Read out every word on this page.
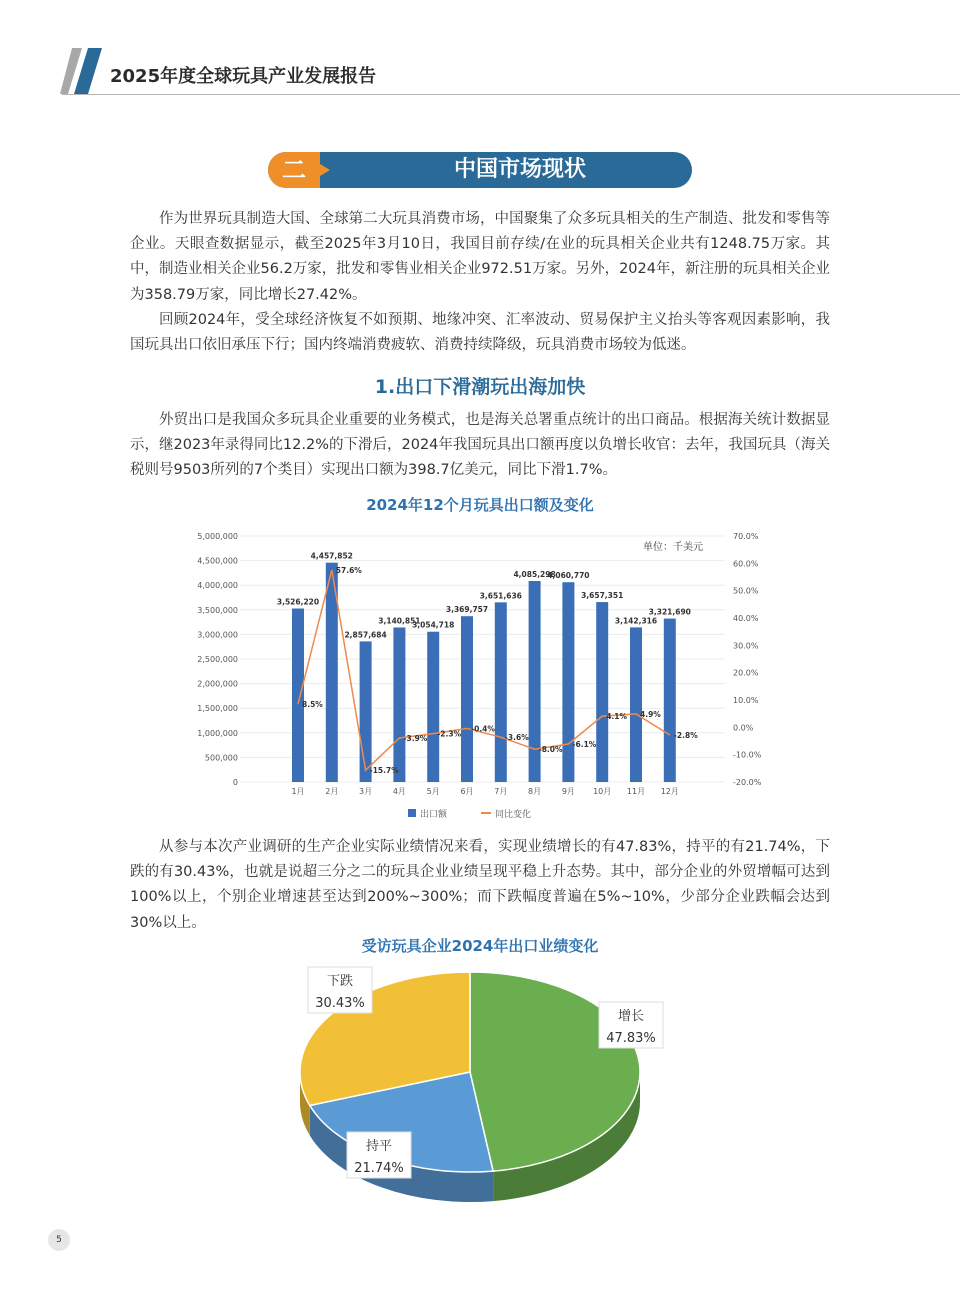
2025年度全球玩具产业发展报告
二	中国市场现状
作为世界玩具制造大国、全球第二大玩具消费市场，中国聚集了众多玩具相关的生产制造、批发和零售等企业。天眼查数据显示，截至2025年3月10日，我国目前存续/在业的玩具相关企业共有1248.75万家。其中，制造业相关企业56.2万家，批发和零售业相关企业972.51万家。另外，2024年，新注册的玩具相关企业为358.79万家，同比增长27.42%。
回顾2024年，受全球经济恢复不如预期、地缘冲突、汇率波动、贸易保护主义抬头等客观因素影响，我国玩具出口依旧承压下行；国内终端消费疲软、消费持续降级，玩具消费市场较为低迷。
1.出口下滑潮玩出海加快
外贸出口是我国众多玩具企业重要的业务模式，也是海关总署重点统计的出口商品。根据海关统计数据显示，继2023年录得同比12.2%的下滑后，2024年我国玩具出口额再度以负增长收官：去年，我国玩具（海关税则号9503所列的7个类目）实现出口额为398.7亿美元，同比下滑1.7%。
2024年12个月玩具出口额及变化
0
500,000
1,000,000
1,500,000
2,000,000
2,500,000
3,000,000
3,500,000
4,000,000
4,500,000
5,000,000
-20.0%
-10.0%
0.0%
10.0%
20.0%
30.0%
40.0%
50.0%
60.0%
70.0%
单位：千美元
3,526,220
1月
4,457,852
2月
2,857,684
3月
3,140,851
4月
3,054,718
5月
3,369,757
6月
3,651,636
7月
4,085,298
8月
4,060,770
9月
3,657,351
10月
3,142,316
11月
3,321,690
12月
8.5%
57.6%
-15.7%
-3.9% -2.3%
-0.4%
-3.6%
-8.0%
-6.1%
4.1% 4.9%
-2.8%
出口额	同比变化
从参与本次产业调研的生产企业实际业绩情况来看，实现业绩增长的有47.83%，持平的有21.74%，下跌的有30.43%，也就是说超三分之二的玩具企业业绩呈现平稳上升态势。其中，部分企业的外贸增幅可达到100%以上，个别企业增速甚至达到200%~300%；而下跌幅度普遍在5%~10%，少部分企业跌幅会达到30%以上。
受访玩具企业2024年出口业绩变化
增长
47.83%
持平
21.74%
下跌
30.43%
5
